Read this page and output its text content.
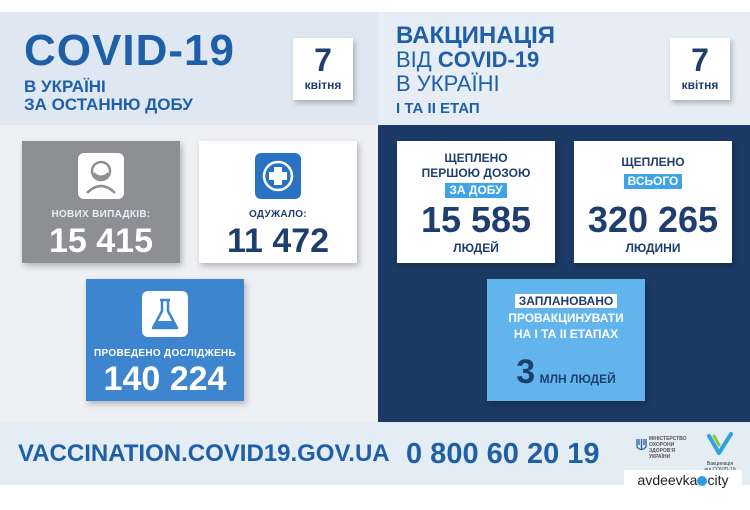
COVID-19
В УКРАЇНІ
ЗА ОСТАННЮ ДОБУ
7
квітня
ВАКЦИНАЦІЯ
ВІД COVID-19
В УКРАЇНІ
І ТА ІІ ЕТАП
7
квітня
НОВИХ ВИПАДКІВ:
15 415
ОДУЖАЛО:
11 472
ПРОВЕДЕНО ДОСЛІДЖЕНЬ
140 224
ЩЕПЛЕНО
ПЕРШОЮ ДОЗОЮ
ЗА ДОБУ
15 585
ЛЮДЕЙ
ЩЕПЛЕНО
ВСЬОГО
320 265
ЛЮДИНИ
ЗАПЛАНОВАНО
ПРОВАКЦИНУВАТИ
НА І ТА ІІ ЕТАПАХ
3 МЛН ЛЮДЕЙ
VACCINATION.COVID19.GOV.UA 0 800 60 20 19	МІНІСТЕРСТВО
ОХОРОНИ
ЗДОРОВ'Я
УКРАЇНИ
Вакцинація
avdeevka city
